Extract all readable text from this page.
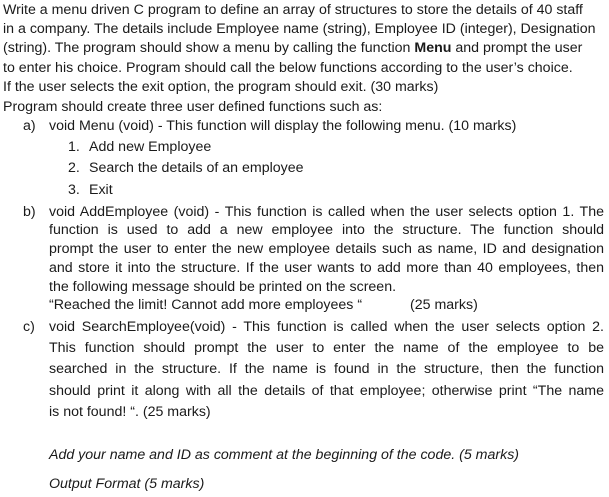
Write a menu driven C program to define an array of structures to store the details of 40 staff
in a company. The details include Employee name (string), Employee ID (integer), Designation
(string). The program should show a menu by calling the function Menu and prompt the user
to enter his choice. Program should call the below functions according to the user’s choice.
If the user selects the exit option, the program should exit. (30 marks)
Program should create three user defined functions such as:
a) void Menu (void) - This function will display the following menu. (10 marks)
1. Add new Employee
2. Search the details of an employee
3. Exit
b) void AddEmployee (void) - This function is called when the user selects option 1. The
function is used to add a new employee into the structure. The function should
prompt the user to enter the new employee details such as name, ID and designation
and store it into the structure. If the user wants to add more than 40 employees, then
the following message should be printed on the screen.
“Reached the limit! Cannot add more employees “	(25 marks)
c) void SearchEmployee(void) - This function is called when the user selects option 2.
This function should prompt the user to enter the name of the employee to be
searched in the structure. If the name is found in the structure, then the function
should print it along with all the details of that employee; otherwise print “The name
is not found! “. (25 marks)
Add your name and ID as comment at the beginning of the code. (5 marks)
Output Format (5 marks)
